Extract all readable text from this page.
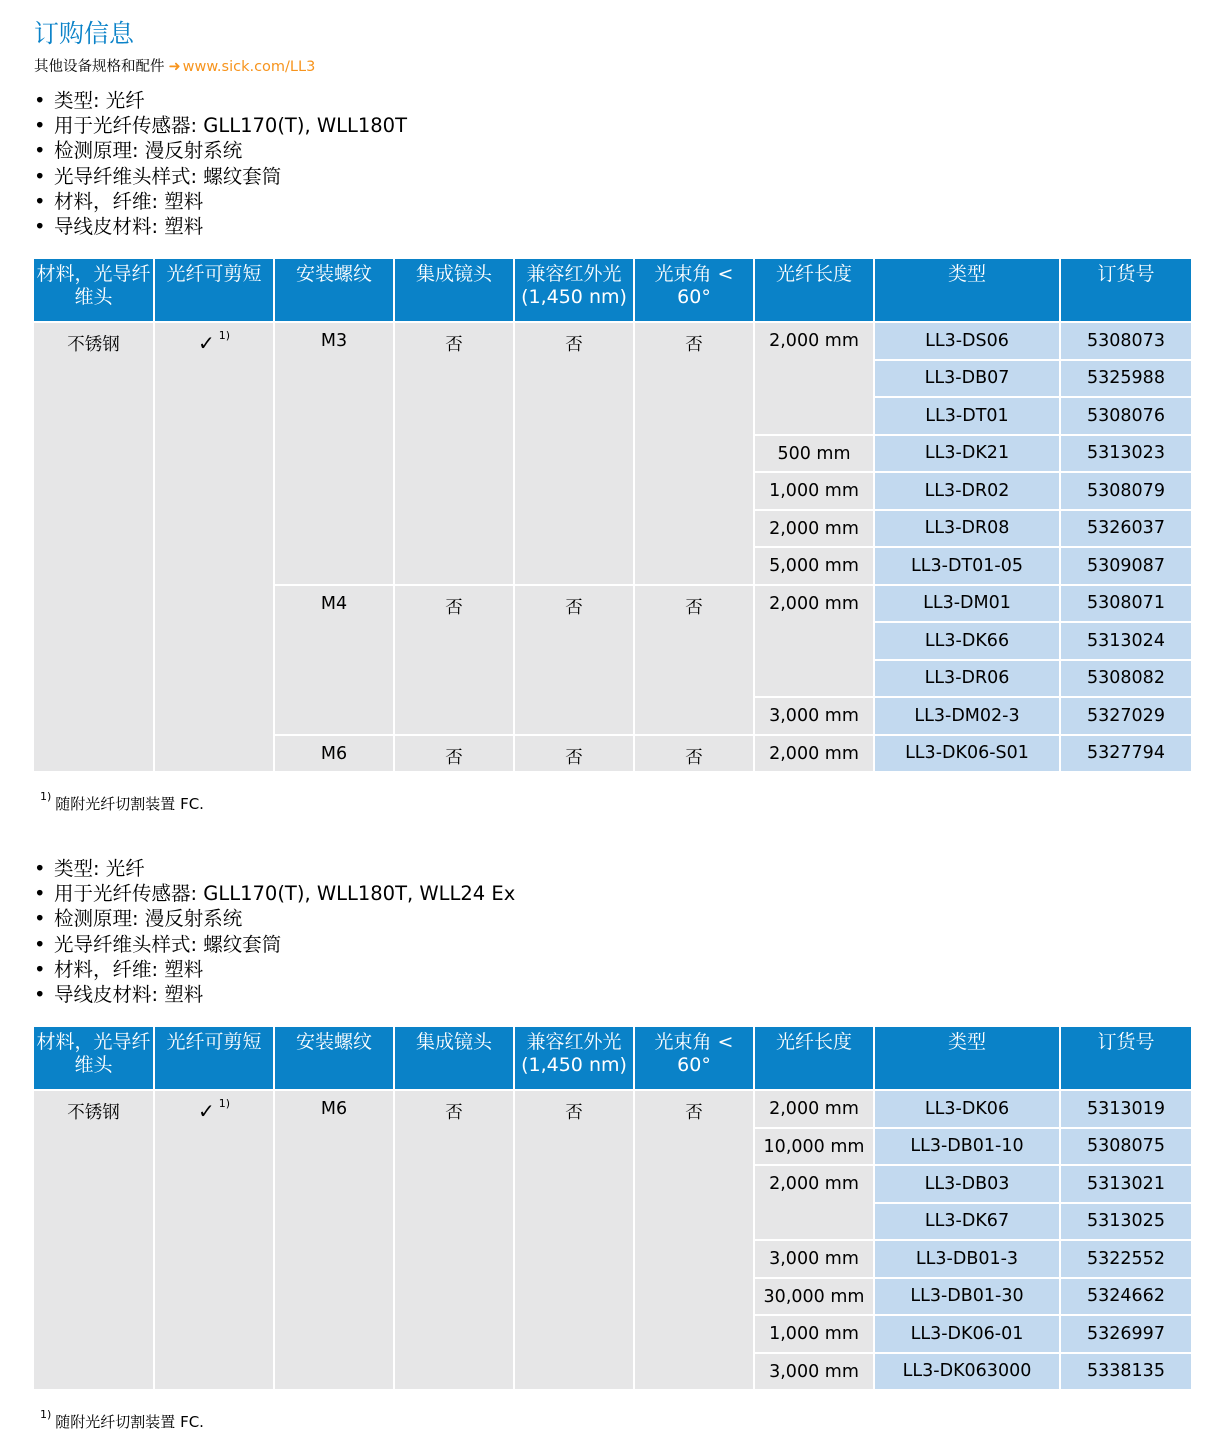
订购信息
其他设备规格和配件 ➜ www.sick.com/LL3
• 类型: 光纤
• 用于光纤传感器: GLL170(T), WLL180T
• 检测原理: 漫反射系统
• 光导纤维头样式: 螺纹套筒
• 材料，纤维: 塑料
• 导线皮材料: 塑料
材料，光导纤维头	光纤可剪短	安装螺纹	集成镜头	兼容红外光 (1,450 nm)	光束角 < 60°	光纤长度	类型	订货号
不锈钢	✓ $^{1)}$	M3	否	否	否	2,000 mm	LL3-DS06	5308073
							LL3-DB07	5325988
							LL3-DT01	5308076
						500 mm	LL3-DK21	5313023
						1,000 mm	LL3-DR02	5308079
						2,000 mm	LL3-DR08	5326037
						5,000 mm	LL3-DT01-05	5309087
		M4	否	否	否	2,000 mm	LL3-DM01	5308071
							LL3-DK66	5313024
							LL3-DR06	5308082
						3,000 mm	LL3-DM02-3	5327029
		M6	否	否	否	2,000 mm	LL3-DK06-S01	5327794
$^{1)}$ 随附光纤切割装置 FC.
• 类型: 光纤
• 用于光纤传感器: GLL170(T), WLL180T, WLL24 Ex
• 检测原理: 漫反射系统
• 光导纤维头样式: 螺纹套筒
• 材料，纤维: 塑料
• 导线皮材料: 塑料
材料，光导纤维头	光纤可剪短	安装螺纹	集成镜头	兼容红外光 (1,450 nm)	光束角 < 60°	光纤长度	类型	订货号
不锈钢	✓ $^{1)}$	M6	否	否	否	2,000 mm	LL3-DK06	5313019
						10,000 mm	LL3-DB01-10	5308075
						2,000 mm	LL3-DB03	5313021
							LL3-DK67	5313025
						3,000 mm	LL3-DB01-3	5322552
						30,000 mm	LL3-DB01-30	5324662
						1,000 mm	LL3-DK06-01	5326997
						3,000 mm	LL3-DK063000	5338135
$^{1)}$ 随附光纤切割装置 FC.
